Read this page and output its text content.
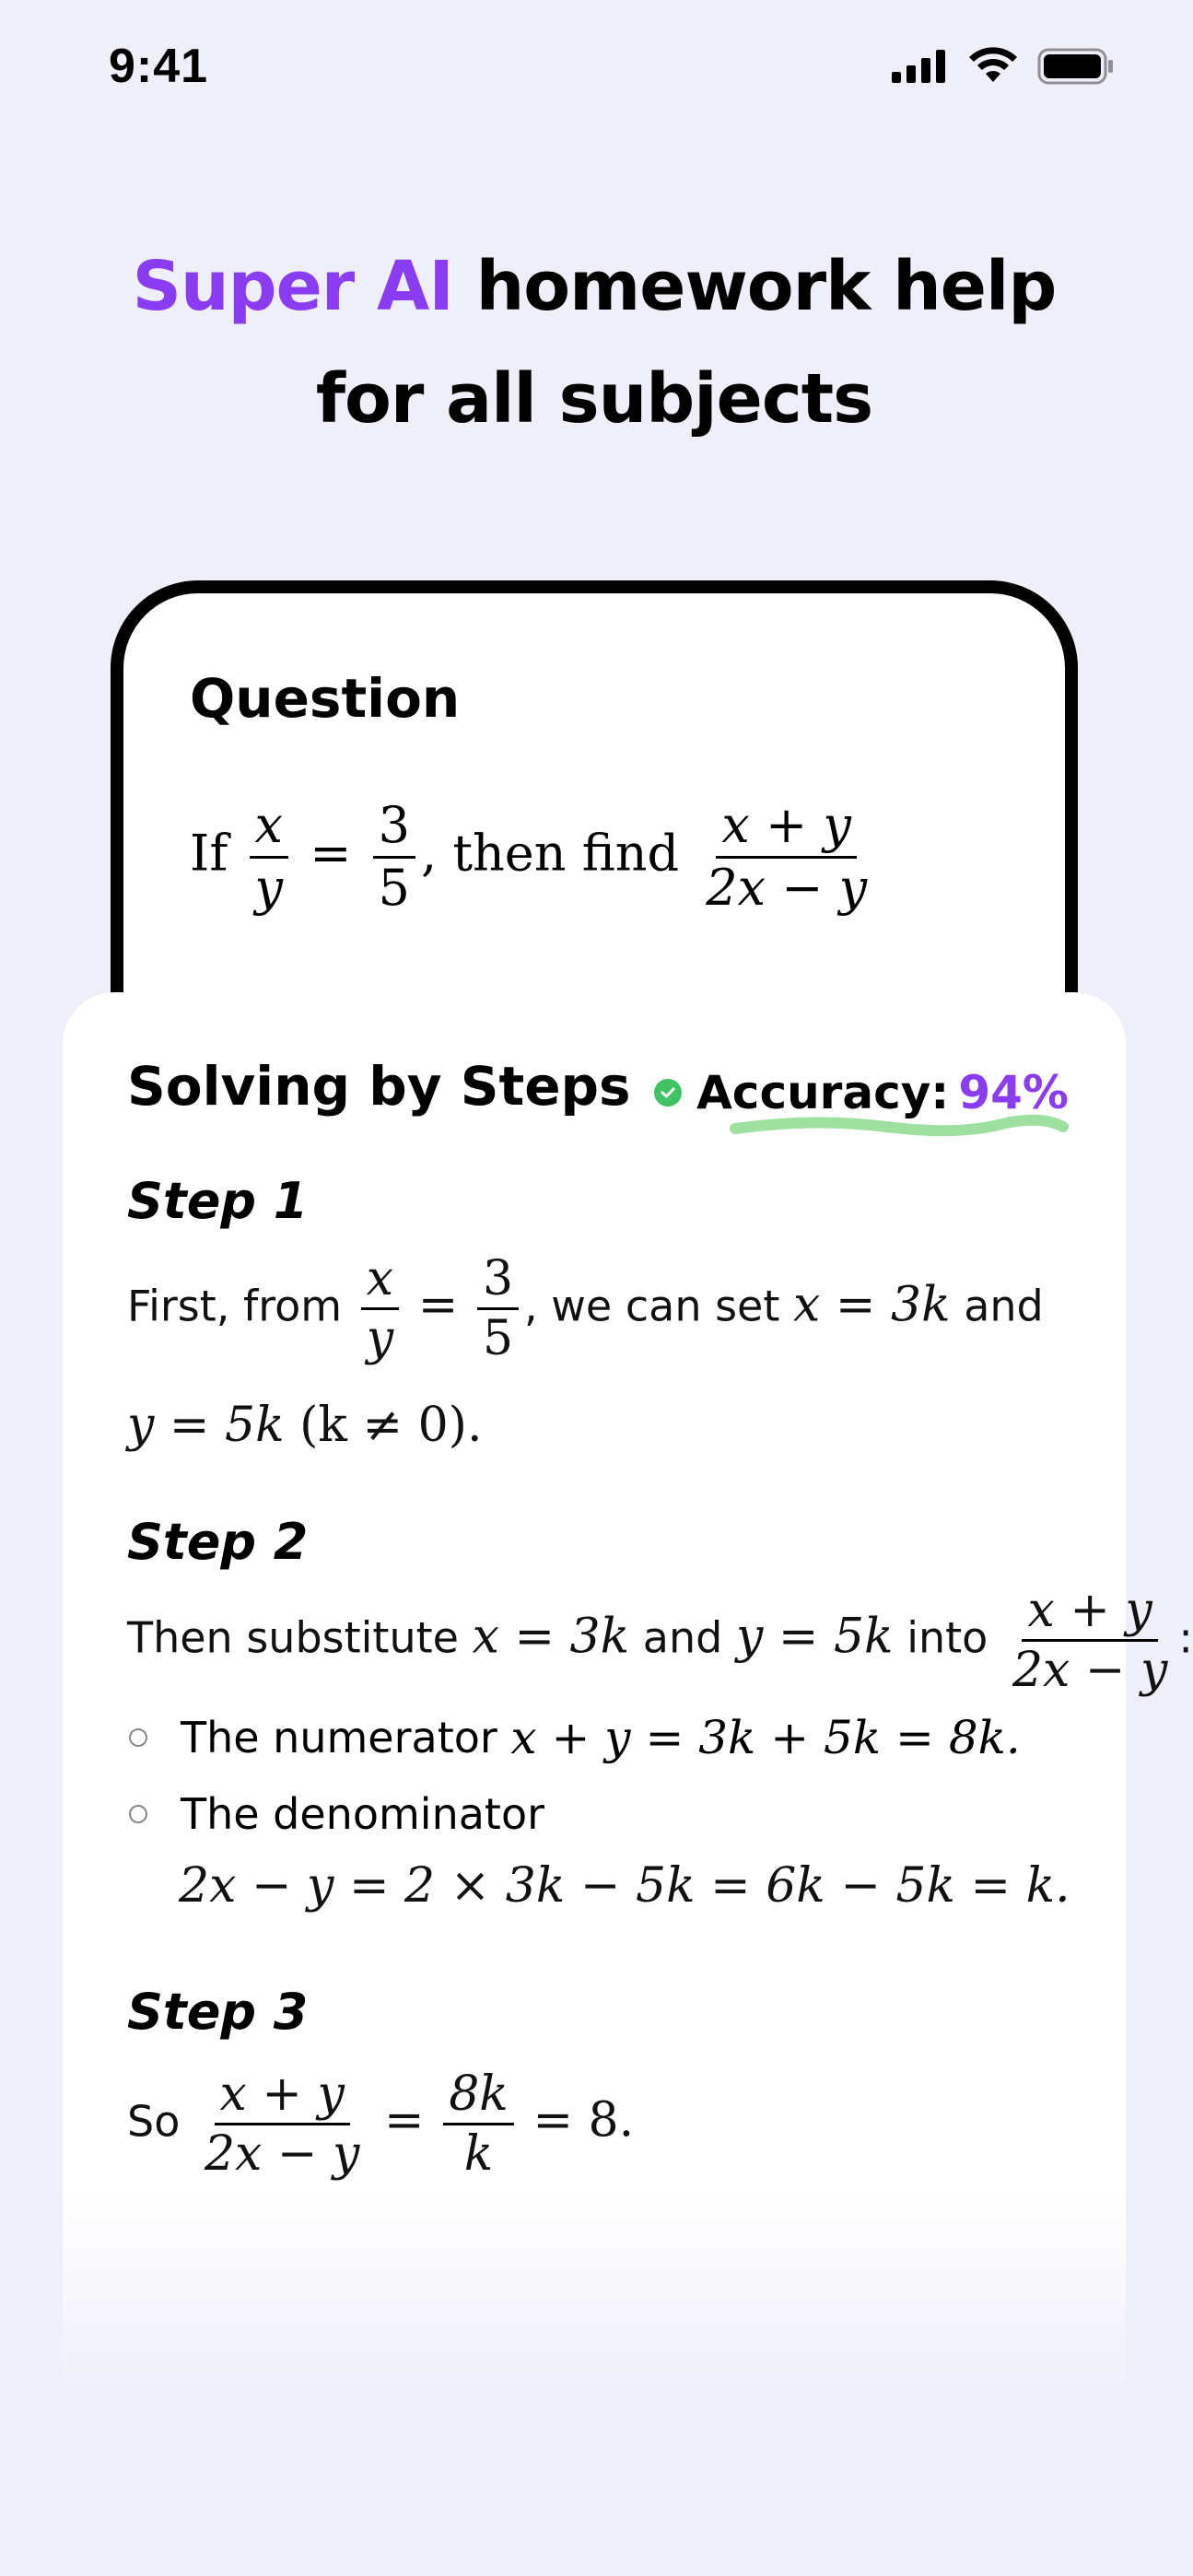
9:41
Super AI homework help
for all subjects
Question
If $\frac{x}{y} = \frac{3}{5}$ , then find $\frac{x + y}{2x - y}$
Solving by Steps Accuracy: 94%
Step 1
First, from $\frac{x}{y} = \frac{3}{5}$ , we can set x = 3k and
y = 5k (k ≠ 0).
Step 2
Then substitute x = 3k and y = 5k into $\frac{x + y}{2x - y}$ :
The numerator
x + y = 3k + 5k = 8k.
The denominator
2x − y = 2 × 3k − 5k = 6k − 5k = k.
Step 3
So $\frac{x + y}{2x - y} = \frac{8k}{k} = 8$.
